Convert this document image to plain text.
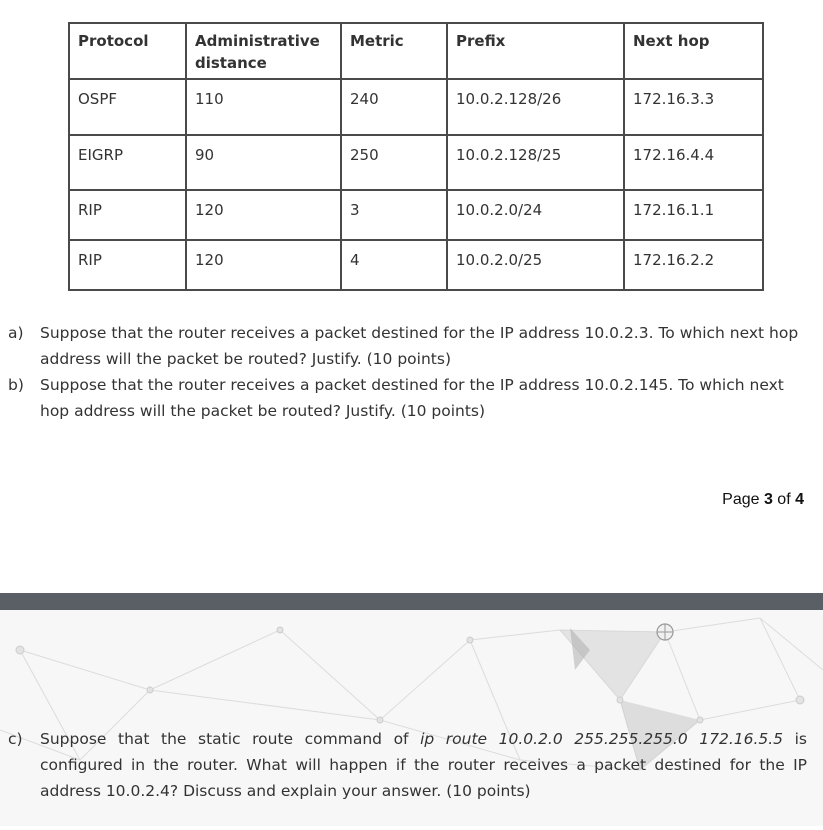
Protocol	Administrative distance	Metric	Prefix	Next hop
OSPF	110	240	10.0.2.128/26	172.16.3.3
EIGRP	90	250	10.0.2.128/25	172.16.4.4
RIP	120	3	10.0.2.0/24	172.16.1.1
RIP	120	4	10.0.2.0/25	172.16.2.2
a) Suppose that the router receives a packet destined for the IP address 10.0.2.3. To which next hop address will the packet be routed? Justify. (10 points)
b) Suppose that the router receives a packet destined for the IP address 10.0.2.145. To which next hop address will the packet be routed? Justify. (10 points)
Page 3 of 4
c) Suppose that the static route command of ip route 10.0.2.0 255.255.255.0 172.16.5.5 is configured in the router. What will happen if the router receives a packet destined for the IP address 10.0.2.4? Discuss and explain your answer. (10 points)
